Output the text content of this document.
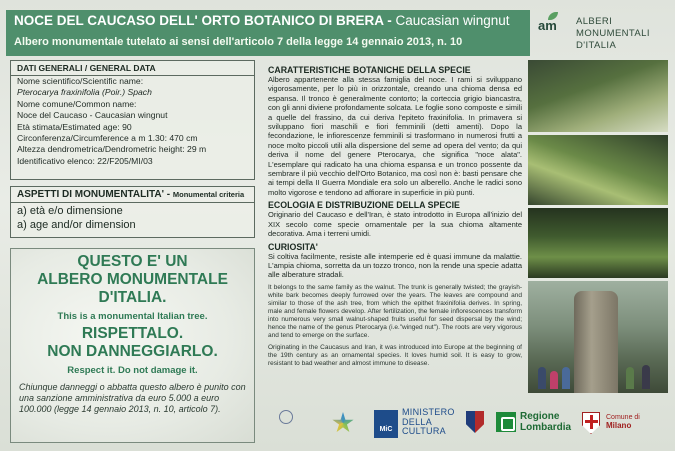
NOCE DEL CAUCASO DELL' ORTO BOTANICO DI BRERA - Caucasian wingnut
Albero monumentale tutelato ai sensi dell'articolo 7 della legge 14 gennaio 2013, n. 10
am ALBERI
MONUMENTALI
D'ITALIA
DATI GENERALI / GENERAL DATA
Nome scientifico/Scientific name:
Pterocarya fraxinifolia (Poir.) Spach
Nome comune/Common name:
Noce del Caucaso - Caucasian wingnut
Età stimata/Estimated age: 90
Circonferenza/Circumference a m 1.30: 470 cm
Altezza dendrometrica/Dendrometric height: 29 m
Identificativo elenco: 22/F205/MI/03
ASPETTI DI MONUMENTALITA' - Monumental criteria
a) età e/o dimensione
a) age and/or dimension
QUESTO E' UN
ALBERO MONUMENTALE
D'ITALIA.
This is a monumental Italian tree.
RISPETTALO.
NON DANNEGGIARLO.
Respect it. Do not damage it.
Chiunque danneggi o abbatta questo albero è punito con una sanzione amministrativa da euro 5.000 a euro 100.000 (legge 14 gennaio 2013, n. 10, articolo 7).
CARATTERISTICHE BOTANICHE DELLA SPECIE

Albero appartenente alla stessa famiglia del noce. I rami si sviluppano vigorosamente, per lo più in orizzontale, creando una chioma densa ed espansa. Il tronco è generalmente contorto; la corteccia grigio biancastra, con gli anni diviene profondamente solcata. Le foglie sono composte e simili a quelle del frassino, da cui deriva l'epiteto fraxinifolia. In primavera si sviluppano fiori maschili e fiori femminili (detti amenti). Dopo la fecondazione, le infiorescenze femminili si trasformano in numerosi frutti a noce molto piccoli utili alla dispersione del seme ad opera del vento; da qui deriva il nome del genere Pterocarya, che significa "noce alata". L'esemplare qui radicato ha una chioma espansa e un tronco possente da sembrare il più vecchio dell'Orto Botanico, ma così non è: basti pensare che ai tempi della II Guerra Mondiale era solo un alberello. Anche le radici sono molto vigorose e tendono ad affiorare in superficie in più punti.

ECOLOGIA E DISTRIBUZIONE DELLA SPECIE

Originario del Caucaso e dell'Iran, è stato introdotto in Europa all'inizio del XIX secolo come specie ornamentale per la sua chioma altamente decorativa. Ama i terreni umidi.

CURIOSITA'

Si coltiva facilmente, resiste alle intemperie ed è quasi immune da malattie. L'ampia chioma, sorretta da un tozzo tronco, non la rende una specie adatta alle alberature stradali.

It belongs to the same family as the walnut. The trunk is generally twisted; the grayish-white bark becomes deeply furrowed over the years. The leaves are compound and similar to those of the ash tree, from which the epithet fraxinifolia derives. In spring, male and female flowers develop. After fertilization, the female inflorescences transform into numerous very small walnut-shaped fruits useful for seed dispersal by the wind; hence the name of the genus Pterocarya (i.e."winged nut"). The roots are very vigorous and tend to emerge on the surface.

Originating in the Caucasus and Iran, it was introduced into Europe at the beginning of the 19th century as an ornamental species. It loves humid soil. It is easy to grow, resistant to bad weather and almost immune to disease.

MiC
MINISTERO
DELLA
CULTURA
Regione
Lombardia
Comune di
Milano
